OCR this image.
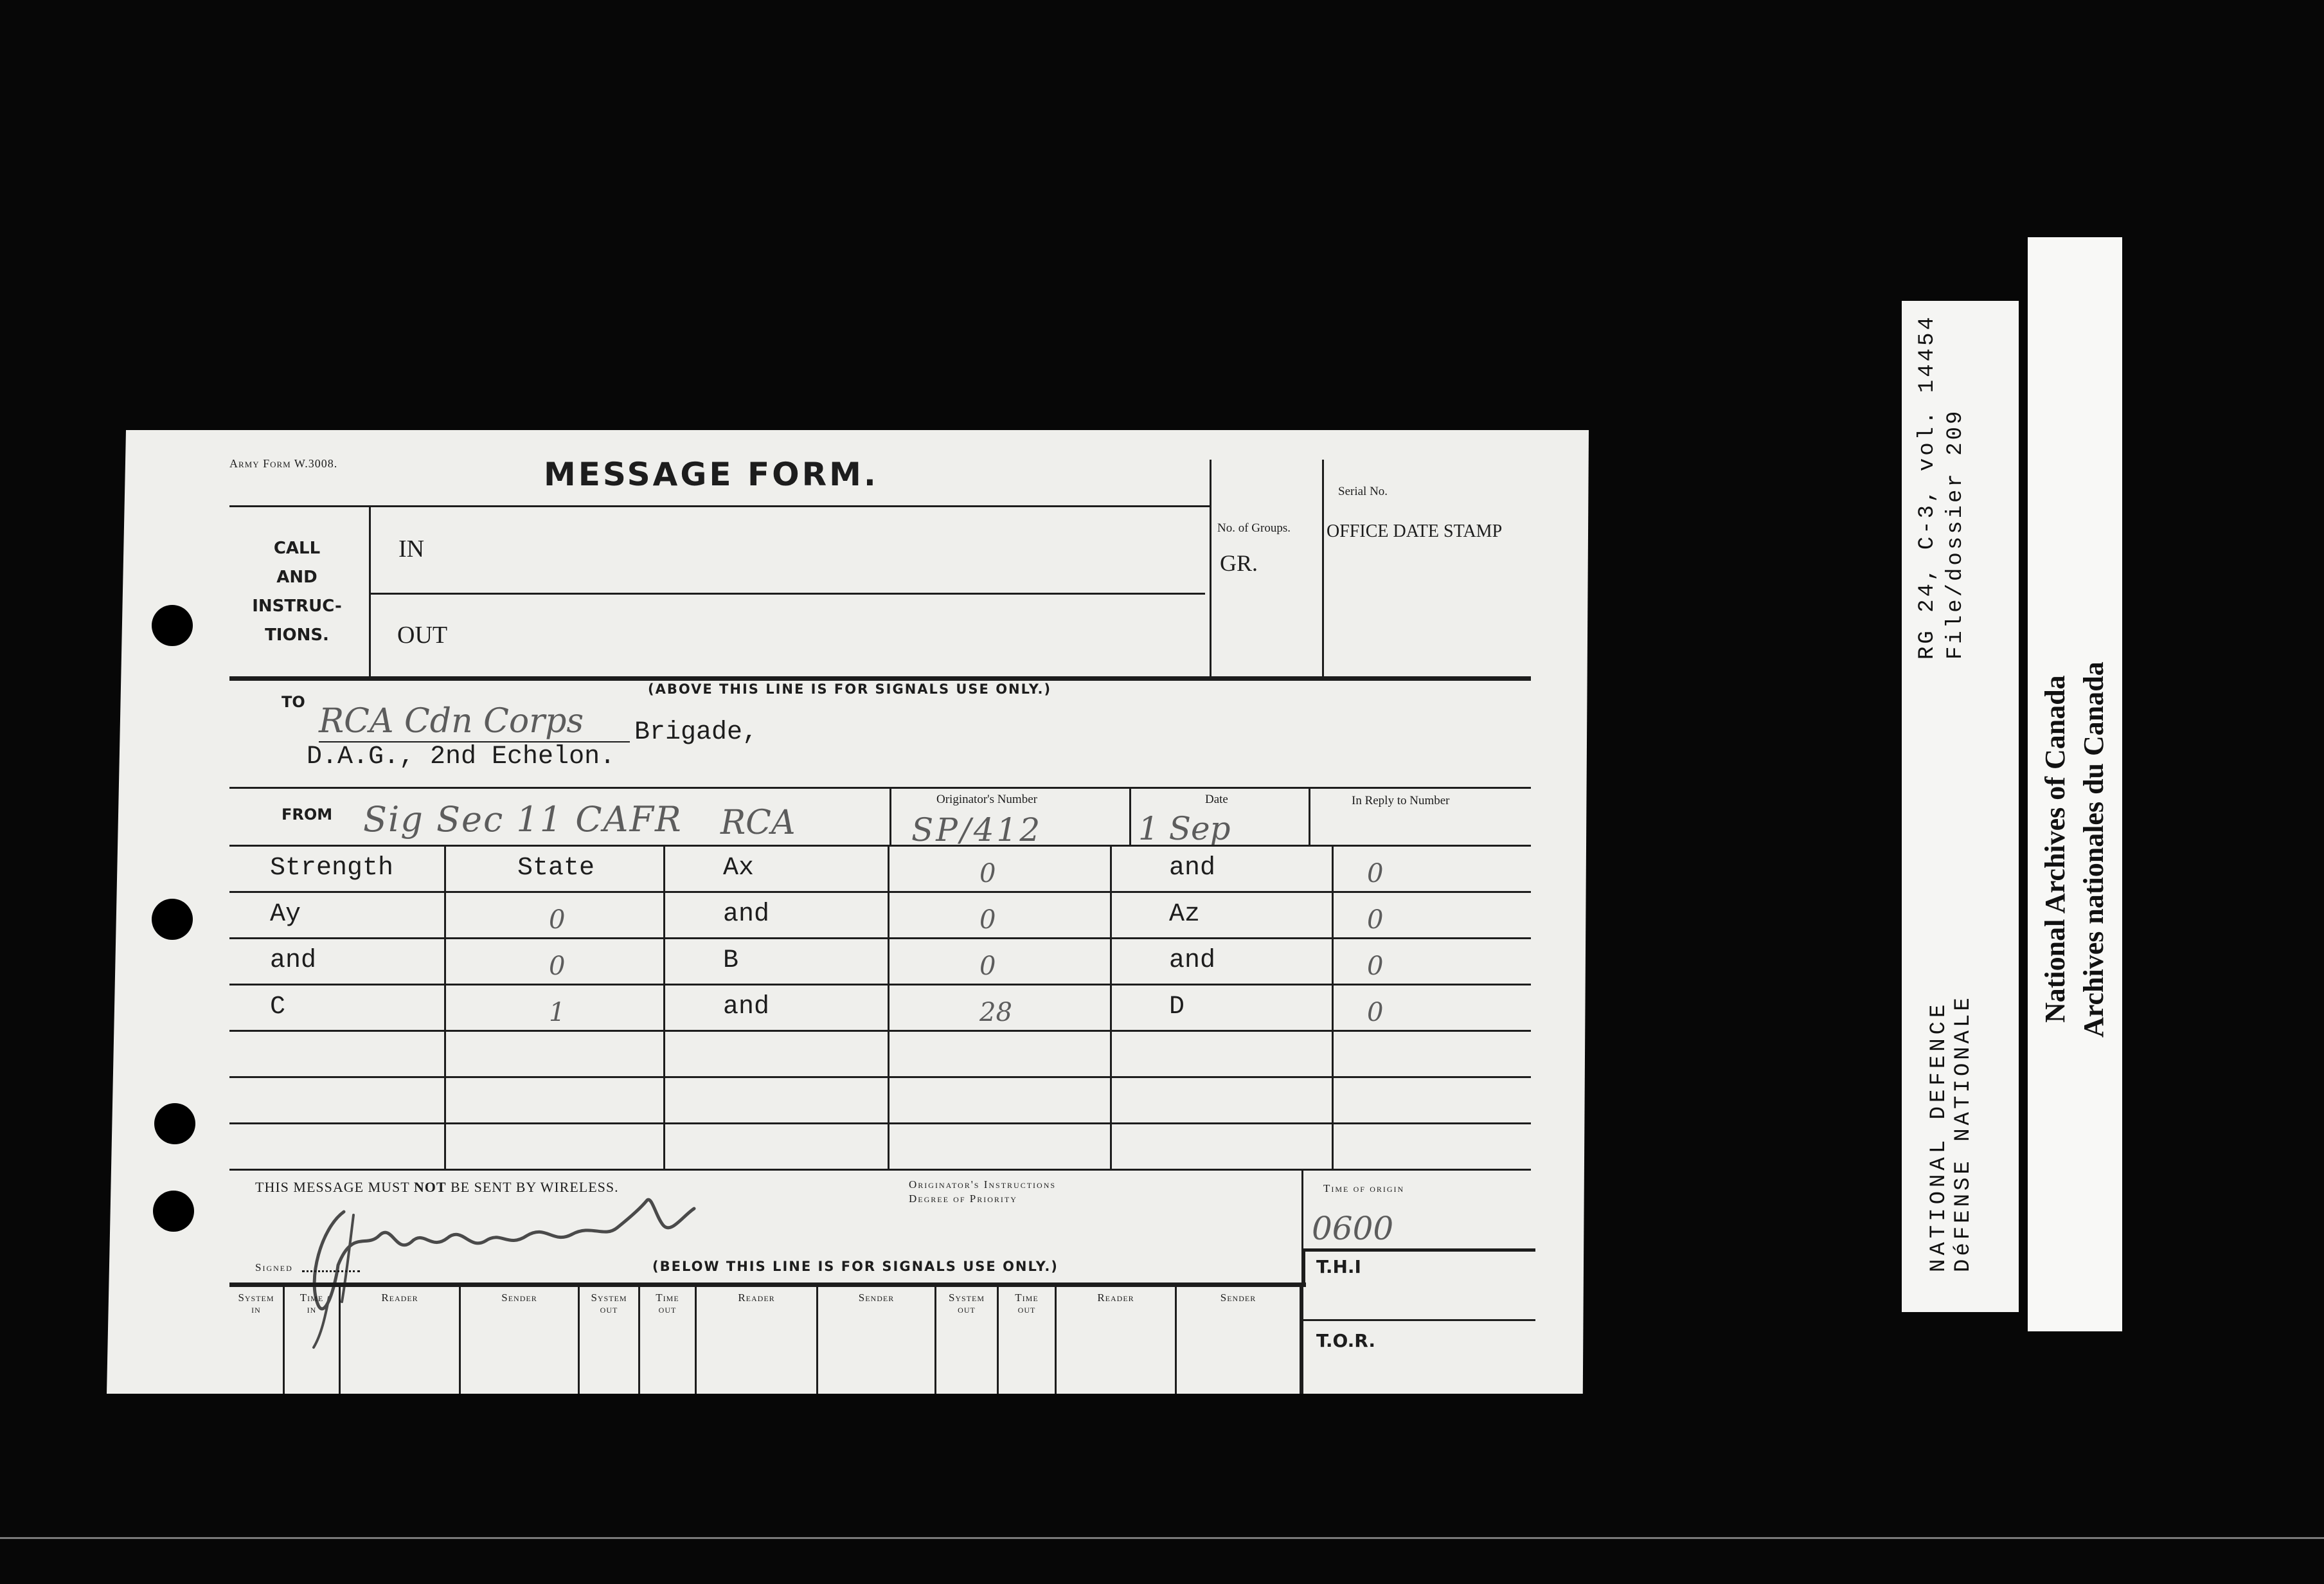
Army Form W.3008.	MESSAGE FORM.	Serial No.
No. of Groups.
GR.
OFFICE DATE STAMP
CALL
AND
INSTRUC-
TIONS.
IN
OUT
(ABOVE THIS LINE IS FOR SIGNALS USE ONLY.)
TO RCA Cdn Corps Brigade,
D.A.G., 2nd Echelon.
Originator's Number	Date	In Reply to Number
FROM Sig Sec 11 CAFR RCA	SP/412	1 Sep
Strength	State	Ax	0	and	0
Ay	0	and	0	Az	0
and	0	B	0	and	0
C	1	and	28	D	0
THIS MESSAGE MUST NOT BE SENT BY WIRELESS.	Originator's Instructions
Degree of Priority
Time of origin
0600
T.H.I
Signed	(BELOW THIS LINE IS FOR SIGNALS USE ONLY.)
T.O.R.
System
in
Time
in
Reader	Sender	System
out
Time
out
Reader	Sender	System
out
Time
out
Reader	Sender
RG 24, C-3, vol. 14454 File/dossier 209
NATIONAL DEFENCE DéFENSE NATIONALE
National Archives of Canada Archives nationales du Canada
